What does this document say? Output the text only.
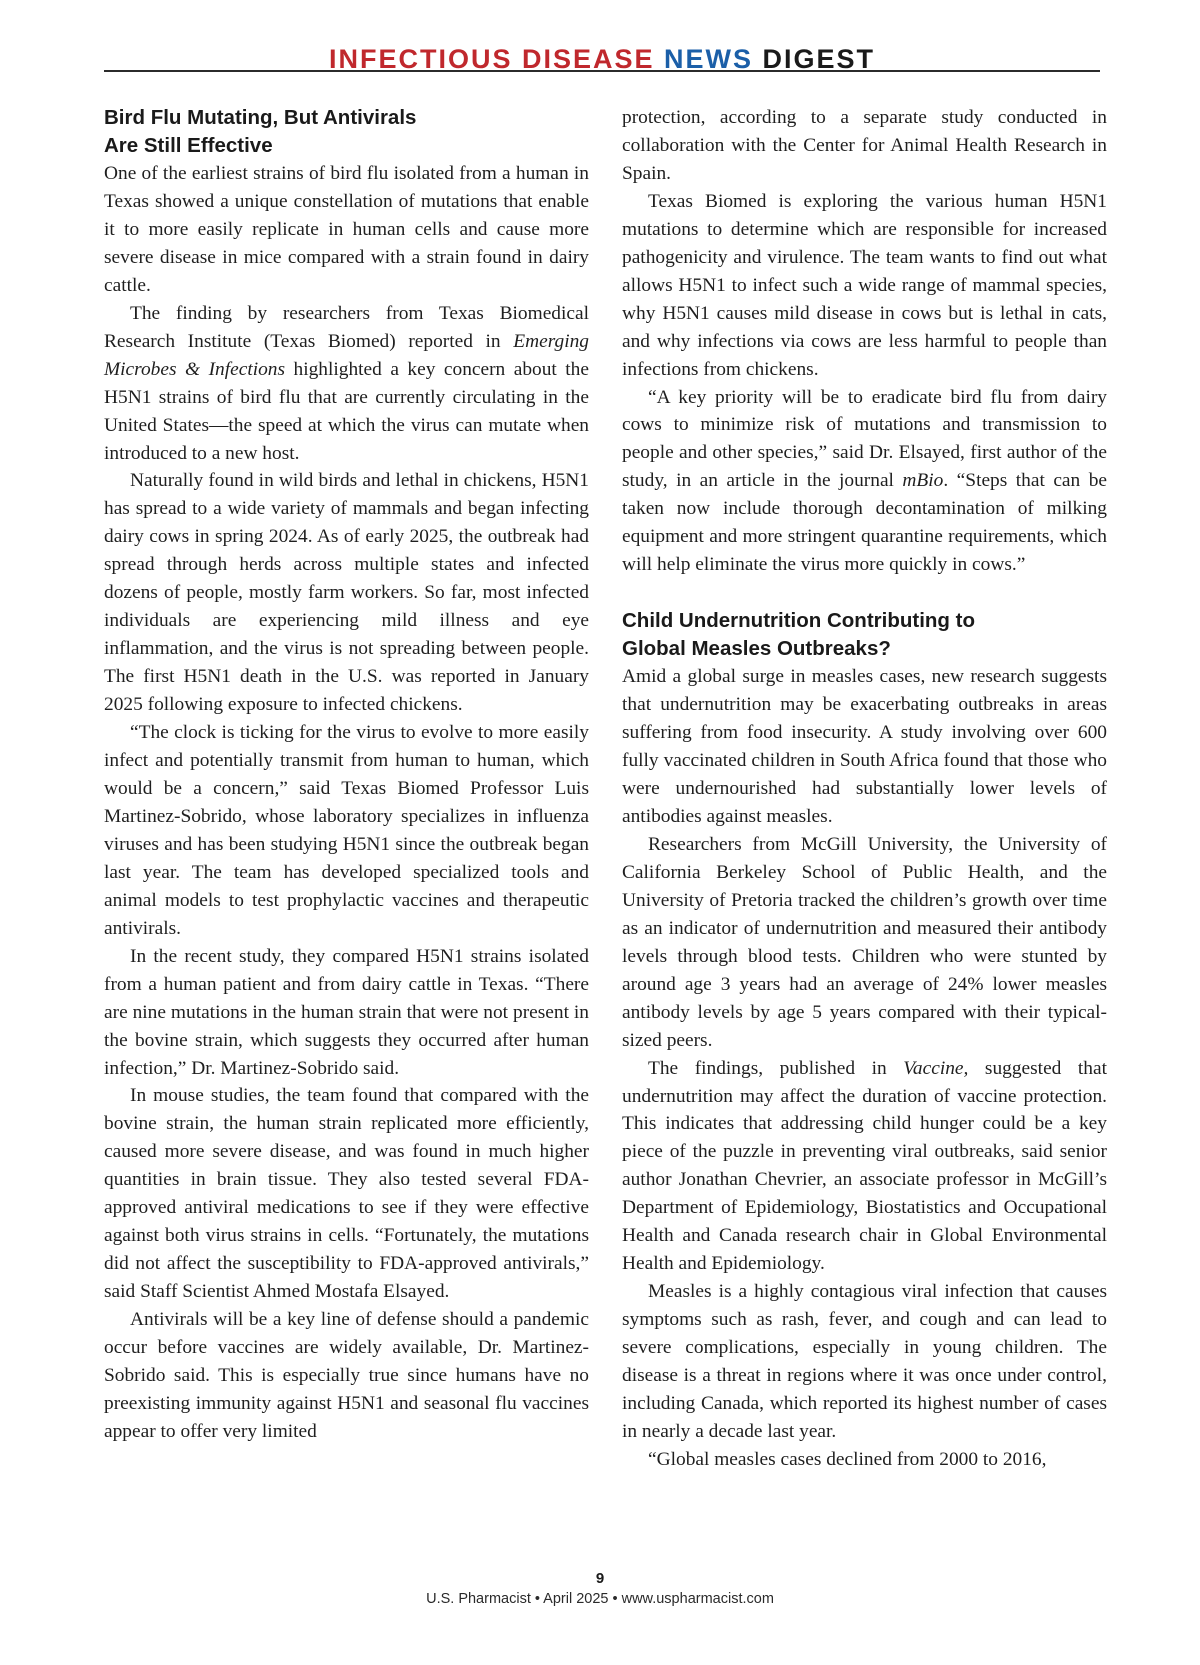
INFECTIOUS DISEASE NEWS DIGEST
Bird Flu Mutating, But Antivirals
Are Still Effective

One of the earliest strains of bird flu isolated from a human in Texas showed a unique constellation of mutations that enable it to more easily replicate in human cells and cause more severe disease in mice compared with a strain found in dairy cattle.

The finding by researchers from Texas Biomedical Research Institute (Texas Biomed) reported in Emerging Microbes & Infections highlighted a key concern about the H5N1 strains of bird flu that are currently circulating in the United States—the speed at which the virus can mutate when introduced to a new host.

Naturally found in wild birds and lethal in chickens, H5N1 has spread to a wide variety of mammals and began infecting dairy cows in spring 2024. As of early 2025, the outbreak had spread through herds across multiple states and infected dozens of people, mostly farm workers. So far, most infected individuals are experiencing mild illness and eye inflammation, and the virus is not spreading between people. The first H5N1 death in the U.S. was reported in January 2025 following exposure to infected chickens.

“The clock is ticking for the virus to evolve to more easily infect and potentially transmit from human to human, which would be a concern,” said Texas Biomed Professor Luis Martinez-Sobrido, whose laboratory specializes in influenza viruses and has been studying H5N1 since the outbreak began last year. The team has developed specialized tools and animal models to test prophylactic vaccines and therapeutic antivirals.

In the recent study, they compared H5N1 strains isolated from a human patient and from dairy cattle in Texas. “There are nine mutations in the human strain that were not present in the bovine strain, which suggests they occurred after human infection,” Dr. Martinez-Sobrido said.

In mouse studies, the team found that compared with the bovine strain, the human strain replicated more efficiently, caused more severe disease, and was found in much higher quantities in brain tissue. They also tested several FDA-approved antiviral medications to see if they were effective against both virus strains in cells. “Fortunately, the mutations did not affect the susceptibility to FDA-approved antivirals,” said Staff Scientist Ahmed Mostafa Elsayed.

Antivirals will be a key line of defense should a pandemic occur before vaccines are widely available, Dr. Martinez-Sobrido said. This is especially true since humans have no preexisting immunity against H5N1 and seasonal flu vaccines appear to offer very limited

protection, according to a separate study conducted in collaboration with the Center for Animal Health Research in Spain.

Texas Biomed is exploring the various human H5N1 mutations to determine which are responsible for increased pathogenicity and virulence. The team wants to find out what allows H5N1 to infect such a wide range of mammal species, why H5N1 causes mild disease in cows but is lethal in cats, and why infections via cows are less harmful to people than infections from chickens.

“A key priority will be to eradicate bird flu from dairy cows to minimize risk of mutations and transmission to people and other species,” said Dr. Elsayed, first author of the study, in an article in the journal mBio. “Steps that can be taken now include thorough decontamination of milking equipment and more stringent quarantine requirements, which will help eliminate the virus more quickly in cows.”

Child Undernutrition Contributing to
Global Measles Outbreaks?

Amid a global surge in measles cases, new research suggests that undernutrition may be exacerbating outbreaks in areas suffering from food insecurity. A study involving over 600 fully vaccinated children in South Africa found that those who were undernourished had substantially lower levels of antibodies against measles.

Researchers from McGill University, the University of California Berkeley School of Public Health, and the University of Pretoria tracked the children’s growth over time as an indicator of undernutrition and measured their antibody levels through blood tests. Children who were stunted by around age 3 years had an average of 24% lower measles antibody levels by age 5 years compared with their typical-sized peers.

The findings, published in Vaccine, suggested that undernutrition may affect the duration of vaccine protection. This indicates that addressing child hunger could be a key piece of the puzzle in preventing viral outbreaks, said senior author Jonathan Chevrier, an associate professor in McGill’s Department of Epidemiology, Biostatistics and Occupational Health and Canada research chair in Global Environmental Health and Epidemiology.

Measles is a highly contagious viral infection that causes symptoms such as rash, fever, and cough and can lead to severe complications, especially in young children. The disease is a threat in regions where it was once under control, including Canada, which reported its highest number of cases in nearly a decade last year.

“Global measles cases declined from 2000 to 2016,

9
U.S. Pharmacist • April 2025 • www.uspharmacist.com
